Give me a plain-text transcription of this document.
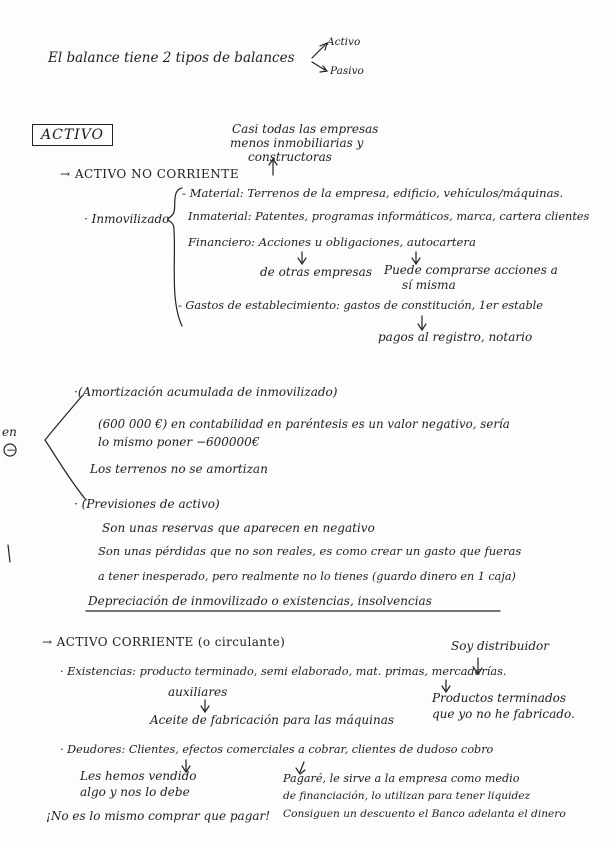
El balance tiene 2 tipos de balances
Activo
Pasivo
ACTIVO	Casi todas las empresas
menos inmobiliarias y
constructoras
→ ACTIVO NO CORRIENTE
· Inmovilizado
- Material: Terrenos de la empresa, edificio, vehículos/máquinas.
Inmaterial: Patentes, programas informáticos, marca, cartera clientes
Financiero: Acciones u obligaciones, autocartera
de otras empresas Puede comprarse acciones a
sí misma
- Gastos de establecimiento: gastos de constitución, 1er estable
pagos al registro, notario
en
−
·(Amortización acumulada de inmovilizado)
(600 000 €) en contabilidad en paréntesis es un valor negativo, sería
lo mismo poner −600000€
Los terrenos no se amortizan
· (Previsiones de activo)
Son unas reservas que aparecen en negativo
Son unas pérdidas que no son reales, es como crear un gasto que fueras
a tener inesperado, pero realmente no lo tienes (guardo dinero en 1 caja)
Depreciación de inmovilizado o existencias, insolvencias
→ ACTIVO CORRIENTE (o circulante)	Soy distribuidor
· Existencias: producto terminado, semi elaborado, mat. primas, mercaderías.
auxiliares
Aceite de fabricación para las máquinas
Productos terminados
que yo no he fabricado.
· Deudores: Clientes, efectos comerciales a cobrar, clientes de dudoso cobro
Les hemos vendido
algo y nos lo debe
Pagaré, le sirve a la empresa como medio
de financiación, lo utilizan para tener liquidez
Consiguen un descuento el Banco adelanta el dinero
¡No es lo mismo comprar que pagar!
